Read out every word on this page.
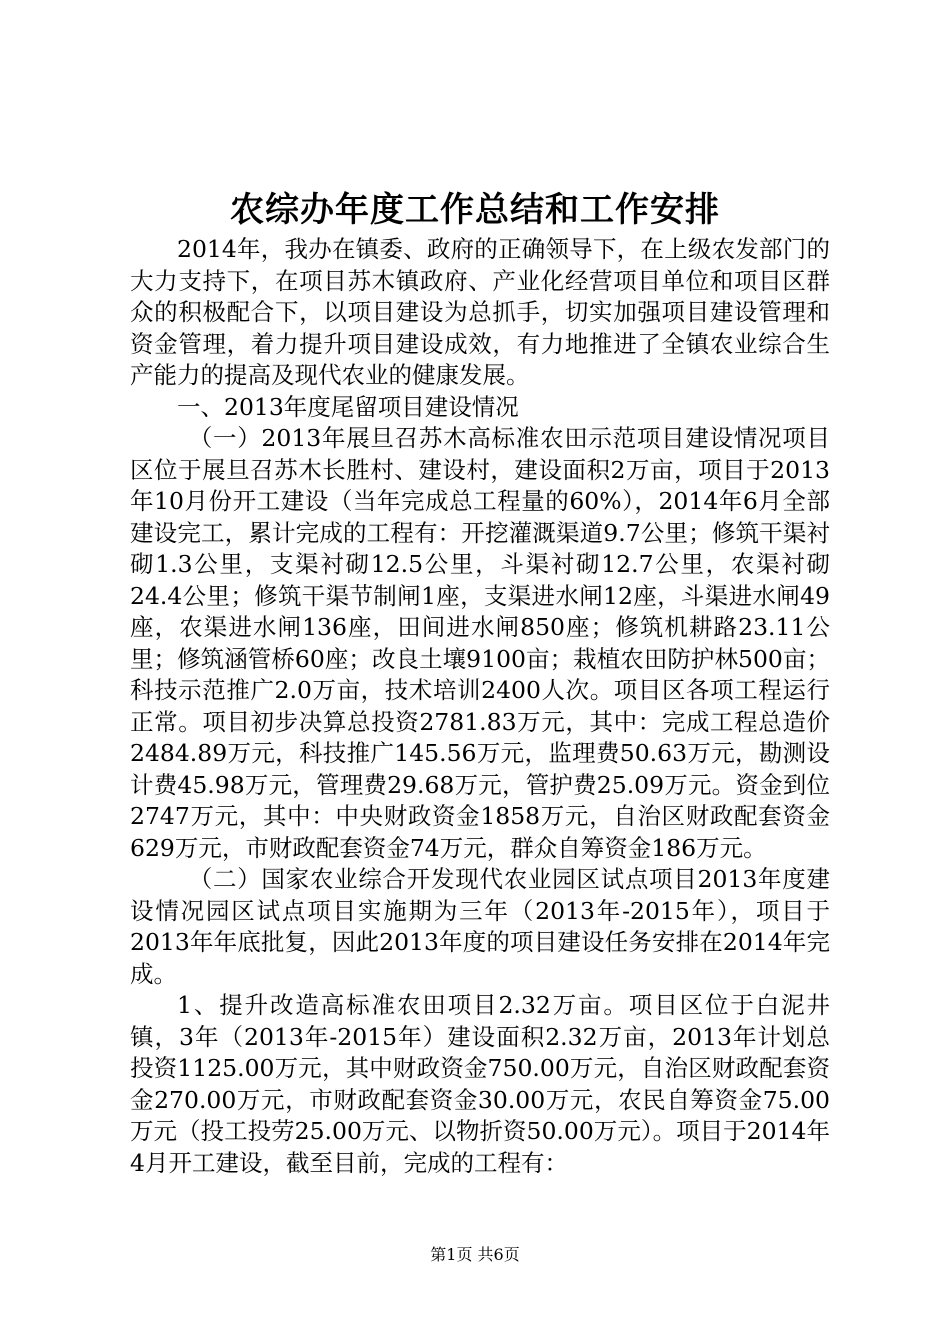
农综办年度工作总结和工作安排

2014年，我办在镇委、政府的正确领导下，在上级农发部门的大力支持下，在项目苏木镇政府、产业化经营项目单位和项目区群众的积极配合下，以项目建设为总抓手，切实加强项目建设管理和资金管理，着力提升项目建设成效，有力地推进了全镇农业综合生产能力的提高及现代农业的健康发展。

一、2013年度尾留项目建设情况

（一）2013年展旦召苏木高标准农田示范项目建设情况项目区位于展旦召苏木长胜村、建设村，建设面积2万亩，项目于2013年10月份开工建设（当年完成总工程量的60%），2014年6月全部建设完工，累计完成的工程有：开挖灌溉渠道9.7公里；修筑干渠衬砌1.3公里，支渠衬砌12.5公里，斗渠衬砌12.7公里，农渠衬砌24.4公里；修筑干渠节制闸1座，支渠进水闸12座，斗渠进水闸49座，农渠进水闸136座，田间进水闸850座；修筑机耕路23.11公里；修筑涵管桥60座；改良土壤9100亩；栽植农田防护林500亩；科技示范推广2.0万亩，技术培训2400人次。项目区各项工程运行正常。项目初步决算总投资2781.83万元，其中：完成工程总造价2484.89万元，科技推广145.56万元，监理费50.63万元，勘测设计费45.98万元，管理费29.68万元，管护费25.09万元。资金到位2747万元，其中：中央财政资金1858万元，自治区财政配套资金629万元，市财政配套资金74万元，群众自筹资金186万元。

（二）国家农业综合开发现代农业园区试点项目2013年度建设情况园区试点项目实施期为三年（2013年-2015年），项目于2013年年底批复，因此2013年度的项目建设任务安排在2014年完成。

1、提升改造高标准农田项目2.32万亩。项目区位于白泥井镇，3年（2013年-2015年）建设面积2.32万亩，2013年计划总投资1125.00万元，其中财政资金750.00万元，自治区财政配套资金270.00万元，市财政配套资金30.00万元，农民自筹资金75.00万元（投工投劳25.00万元、以物折资50.00万元）。项目于2014年4月开工建设，截至目前，完成的工程有：

第1页 共6页
